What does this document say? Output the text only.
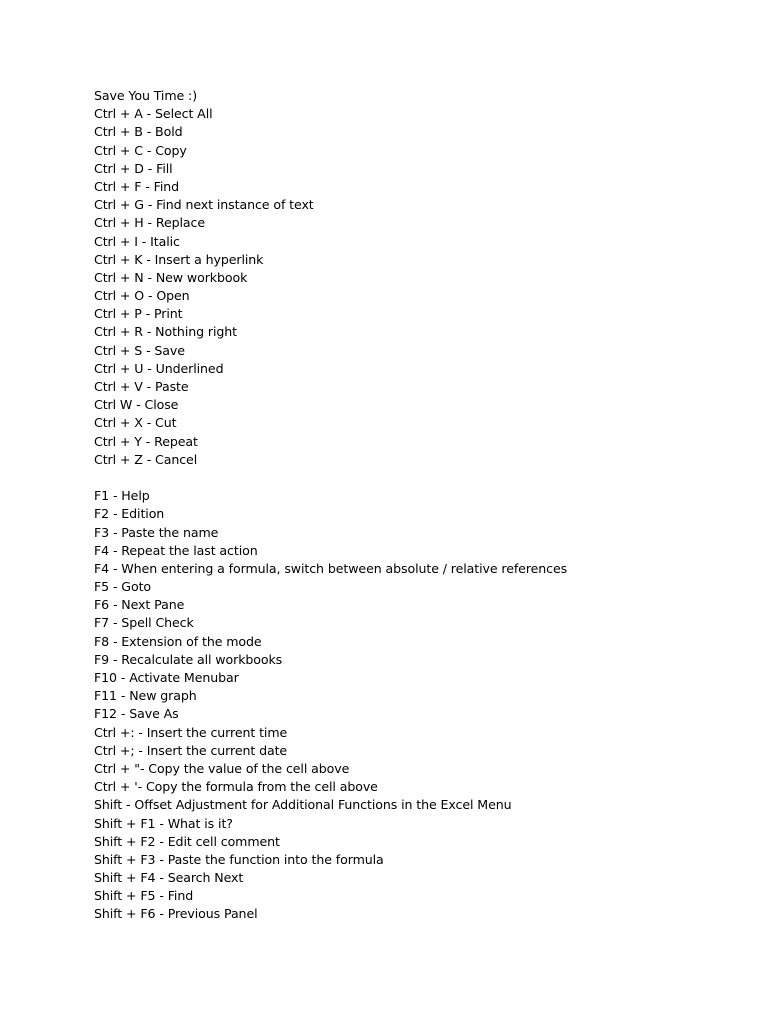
Save You Time :)
Ctrl + A - Select All
Ctrl + B - Bold
Ctrl + C - Copy
Ctrl + D - Fill
Ctrl + F - Find
Ctrl + G - Find next instance of text
Ctrl + H - Replace
Ctrl + I - Italic
Ctrl + K - Insert a hyperlink
Ctrl + N - New workbook
Ctrl + O - Open
Ctrl + P - Print
Ctrl + R - Nothing right
Ctrl + S - Save
Ctrl + U - Underlined
Ctrl + V - Paste
Ctrl W - Close
Ctrl + X - Cut
Ctrl + Y - Repeat
Ctrl + Z - Cancel
F1 - Help
F2 - Edition
F3 - Paste the name
F4 - Repeat the last action
F4 - When entering a formula, switch between absolute / relative references
F5 - Goto
F6 - Next Pane
F7 - Spell Check
F8 - Extension of the mode
F9 - Recalculate all workbooks
F10 - Activate Menubar
F11 - New graph
F12 - Save As
Ctrl +: - Insert the current time
Ctrl +; - Insert the current date
Ctrl + "- Copy the value of the cell above
Ctrl + '- Copy the formula from the cell above
Shift - Offset Adjustment for Additional Functions in the Excel Menu
Shift + F1 - What is it?
Shift + F2 - Edit cell comment
Shift + F3 - Paste the function into the formula
Shift + F4 - Search Next
Shift + F5 - Find
Shift + F6 - Previous Panel
